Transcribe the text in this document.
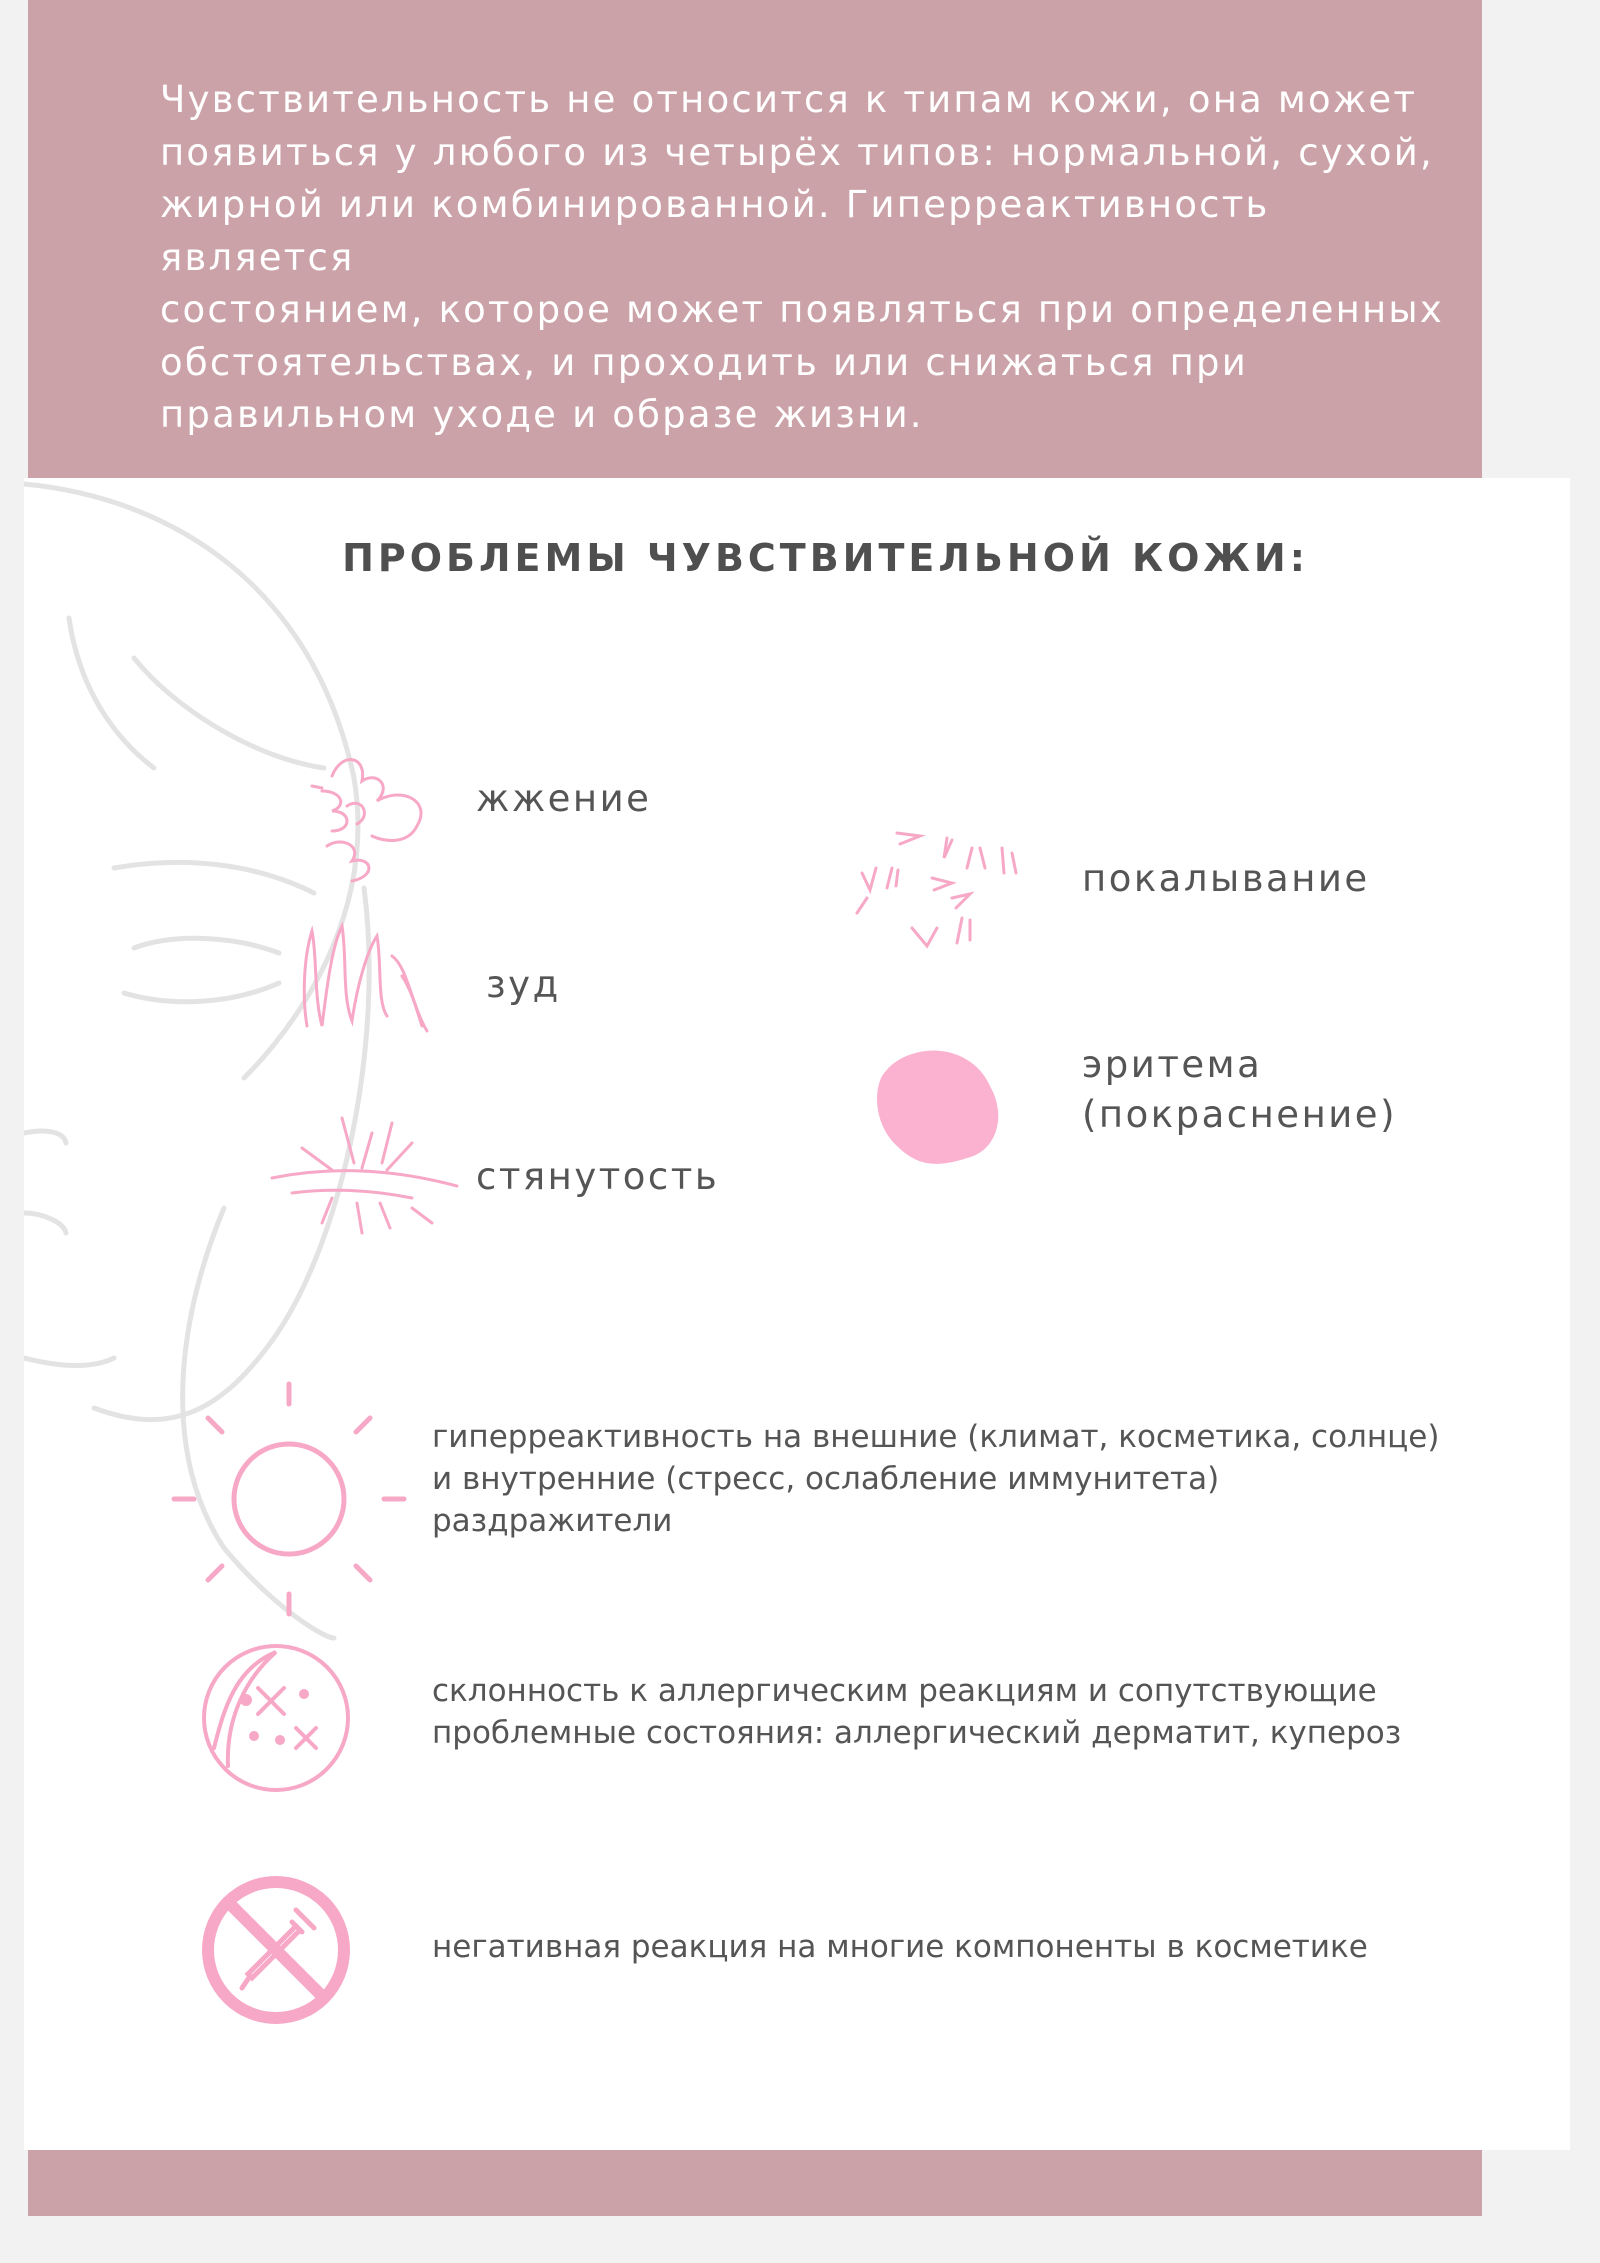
Чувствительность не относится к типам кожи, она может
появиться у любого из четырёх типов: нормальной, сухой,
жирной или комбинированной. Гиперреактивность является
состоянием, которое может появляться при определенных
обстоятельствах, и проходить или снижаться при
правильном уходе и образе жизни.
ПРОБЛЕМЫ ЧУВСТВИТЕЛЬНОЙ КОЖИ:
жжение
зуд
стянутость
покалывание
эритема
(покраснение)
гиперреактивность на внешние (климат, косметика, солнце)
и внутренние (стресс, ослабление иммунитета)
раздражители
склонность к аллергическим реакциям и сопутствующие
проблемные состояния: аллергический дерматит, купероз
негативная реакция на многие компоненты в косметике
